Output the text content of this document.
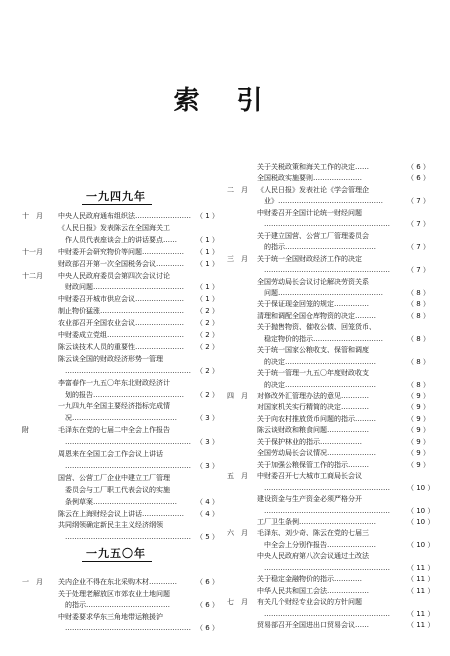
索 引
一九四九年
十　月 中央人民政府通布组织法…………………… （ 1 ）
《人民日报》发表陈云在全国海关工
　作人员代表座谈会上的讲话要点……	（ 1 ）
十一月 中财委开会研究物价等问题……………… （ 1 ）
财政部召开第一次全国税务会议………… （ 1 ）
十二月 中央人民政府委员会第四次会议讨论
　财政问题………………………………… （ 1 ）
中财委召开城市供应会议………………… （ 1 ）
制止物价猛涨……………………………… （ 2 ）
农业部召开全国农业会议………………… （ 2 ）
中财委成立党组…………………………… （ 2 ）
陈云谈技术人员的重要性………………… （ 2 ）
陈云谈全国的财政经济形势一管理
　……………………………………………… （ 2 ）
李富春作一九五〇年东北财政经济计
　划的报告………………………………… （ 2 ）
一九四九年全国主要经济指标完成情
　况………………………………………	（ 3 ）
附	毛泽东在党的七届二中全会上作报告
　……………………………………………… （ 3 ）
周恩来在全国工会工作会议上讲话
　……………………………………………… （ 3 ）
国营、公营工厂企业中建立工厂管理
　委员会与工厂职工代表会议的实施
　条例草案………………………………	（ 4 ）
陈云在上海财经会议上讲话……………… （ 4 ）
共同纲领确定新民主主义经济纲领
　……………………………………………… （ 5 ）
一九五〇年
一　月 关内企业不得在东北采购木材…………	（ 6 ）
关于处理老解放区市郊农业土地问题
　的指示………………………………	（ 6 ）
中财委要求华东三角地带运粮援沪
　……………………………………………… （ 6 ）
关于关税政策和海关工作的决定……	（ 6 ）
全国税政实施要则…………………	（ 6 ）
二　月 《人民日报》发表社论《学会管理企
　业》………………………………………	（ 7 ）
中财委召开全国计论统一财经问题
　……………………………………………… （ 7 ）
关于建立国营、公营工厂管理委员会
　的指示…………………………………	（ 7 ）
三　月 关于统一全国财政经济工作的决定
　……………………………………………… （ 7 ）
全国劳动局长会议讨论解决劳资关系
　问题………………………………………	（ 8 ）
关于保证现金回笼的规定……………	（ 8 ）
清理和调配全国仓库物资的决定………	（ 8 ）
关于抛售物资、催收公债、回笼货币、
　稳定物价的指示…………………………	（ 8 ）
关于统一国家公粮收支、保管和调度
　的决定…………………………………	（ 8 ）
关于统一管理一九五〇年度财政收支
　的决定…………………………………	（ 8 ）
四　月 对修改外汇管理办法的意见…………	（ 9 ）
对国家机关实行精简的决定…………	（ 9 ）
关于向农村推放货币问题的指示………	（ 9 ）
陈云谈财政和粮食问题………………	（ 9 ）
关于保护林业的指示………………	（ 9 ）
全国劳动局长会议情况…………………	（ 9 ）
关于加强公粮保管工作的指示………	（ 9 ）
五　月 中财委召开七大城市工商局长会议
　……………………………………………… （ 10 ）
建设资金与生产资金必须严格分开
　……………………………………………… （ 10 ）
工厂卫生条例……………………………	（ 10 ）
六　月 毛泽东、刘少奇、陈云在党的七届三
　中全会上分别作报告…………………	（ 10 ）
中央人民政府第八次会议通过土改法
　……………………………………………… （ 11 ）
关于稳定金融物价的指示…………	（ 11 ）
中华人民共和国工会法………………	（ 11 ）
七　月 有关几个财经专业会议的方针问题
　……………………………………………… （ 11 ）
贸易部召开全国进出口贸易会议……	（ 11 ）
